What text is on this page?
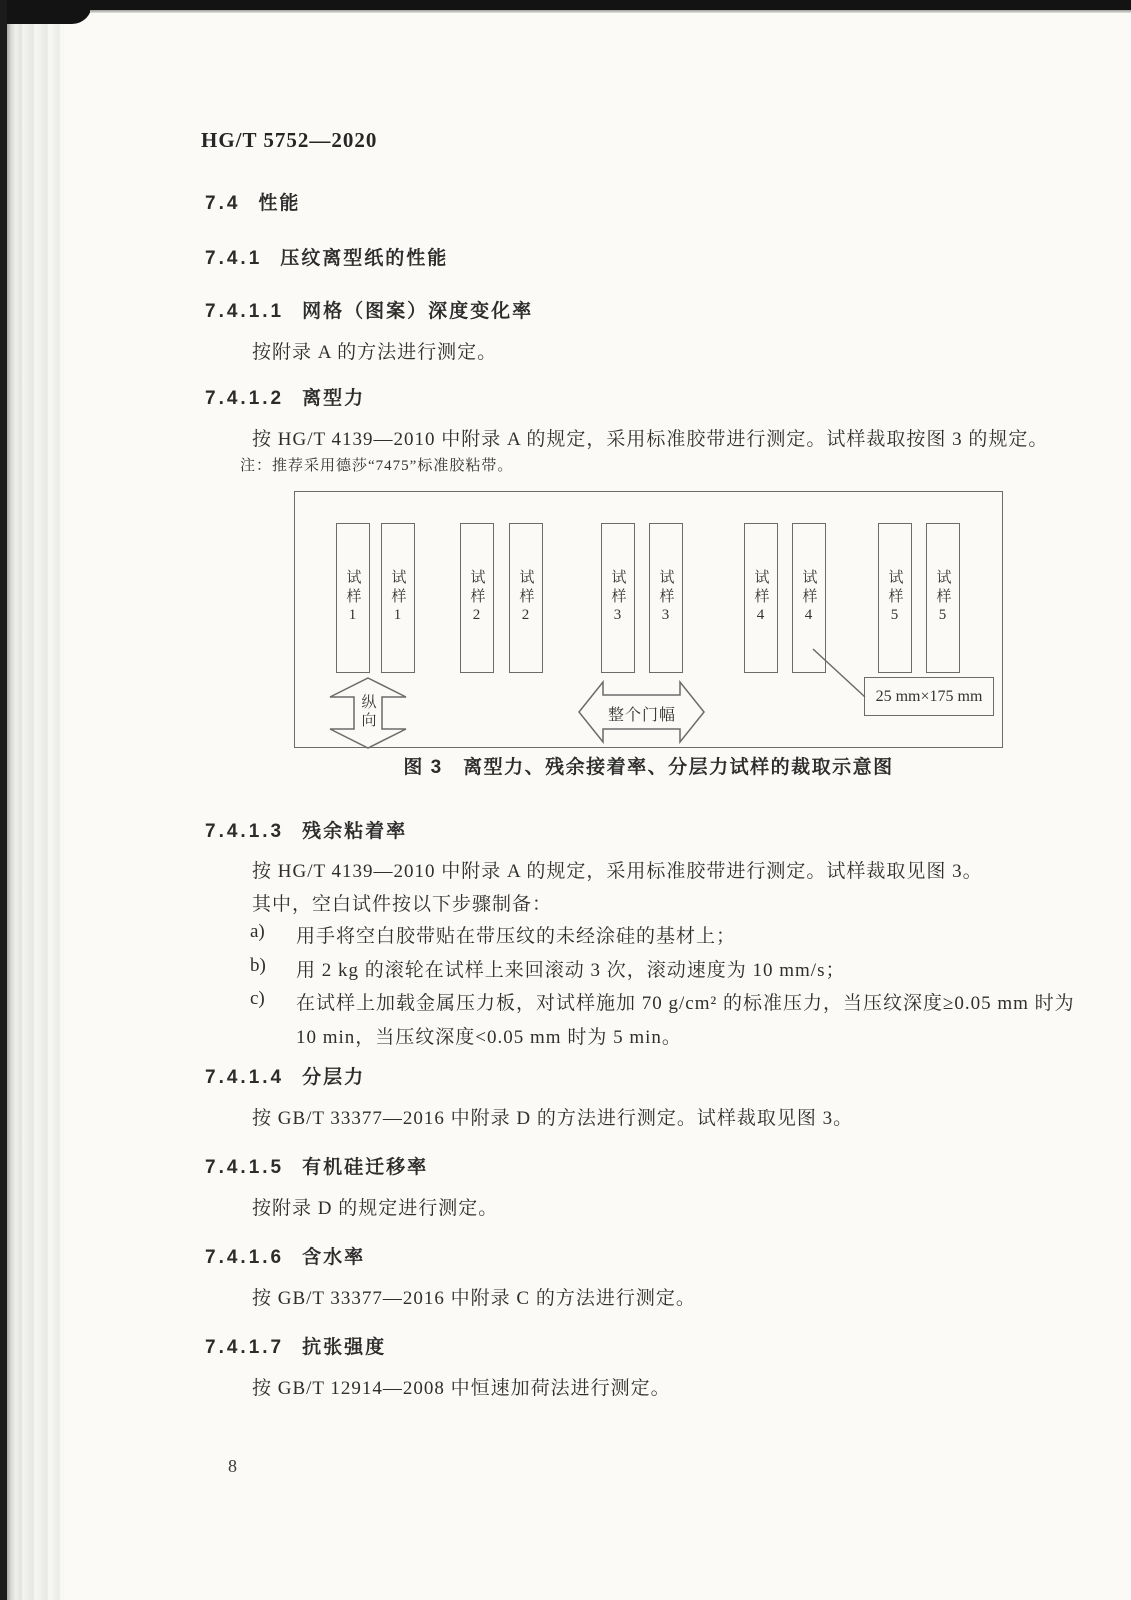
HG/T 5752—2020
7.4 性能
7.4.1 压纹离型纸的性能
7.4.1.1 网格（图案）深度变化率
按附录 A 的方法进行测定。
7.4.1.2 离型力
按 HG/T 4139—2010 中附录 A 的规定，采用标准胶带进行测定。试样裁取按图 3 的规定。
注：推荐采用德莎“7475”标准胶粘带。
试样1 试样1	试样2 试样2	试样3 试样3	试样4 试样4	试样5 试样5
纵向	整个门幅
25 mm×175 mm
图 3　离型力、残余接着率、分层力试样的裁取示意图
7.4.1.3 残余粘着率
按 HG/T 4139—2010 中附录 A 的规定，采用标准胶带进行测定。试样裁取见图 3。
其中，空白试件按以下步骤制备：
a) 用手将空白胶带贴在带压纹的未经涂硅的基材上；
b) 用 2 kg 的滚轮在试样上来回滚动 3 次，滚动速度为 10 mm/s；
c) 在试样上加载金属压力板，对试样施加 70 g/cm² 的标准压力，当压纹深度≥0.05 mm 时为
10 min，当压纹深度<0.05 mm 时为 5 min。
7.4.1.4 分层力
按 GB/T 33377—2016 中附录 D 的方法进行测定。试样裁取见图 3。
7.4.1.5 有机硅迁移率
按附录 D 的规定进行测定。
7.4.1.6 含水率
按 GB/T 33377—2016 中附录 C 的方法进行测定。
7.4.1.7 抗张强度
按 GB/T 12914—2008 中恒速加荷法进行测定。
8
